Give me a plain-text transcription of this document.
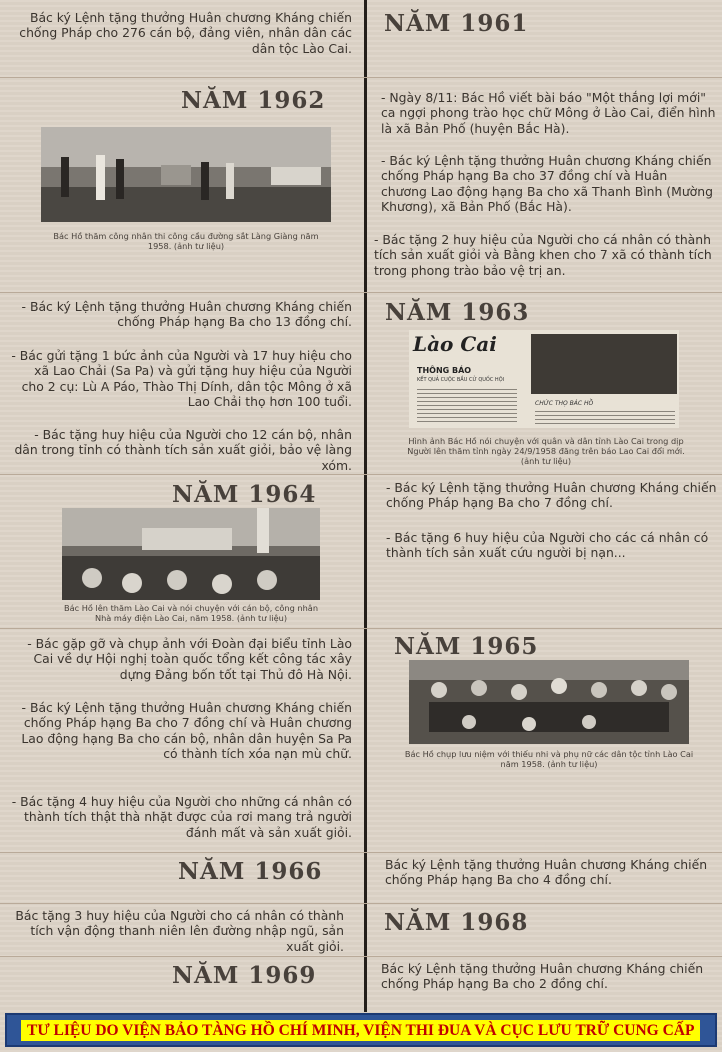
Bác ký Lệnh tặng thưởng Huân chương Kháng chiến chống Pháp cho 276 cán bộ, đảng viên, nhân dân các dân tộc Lào Cai.
NĂM 1961
NĂM 1962
Bác Hồ thăm công nhân thi công cầu đường sắt Làng Giàng năm 1958. (ảnh tư liệu)
- Ngày 8/11: Bác Hồ viết bài báo "Một thắng lợi mới" ca ngợi phong trào học chữ Mông ở Lào Cai, điển hình là xã Bản Phố (huyện Bắc Hà).
- Bác ký Lệnh tặng thưởng Huân chương Kháng chiến chống Pháp hạng Ba cho 37 đồng chí và Huân chương Lao động hạng Ba cho xã Thanh Bình (Mường Khương), xã Bản Phố (Bắc Hà).
- Bác tặng 2 huy hiệu của Người cho cá nhân có thành tích sản xuất giỏi và Bằng khen cho 7 xã có thành tích trong phong trào bảo vệ trị an.
- Bác ký Lệnh tặng thưởng Huân chương Kháng chiến chống Pháp hạng Ba cho 13 đồng chí.
- Bác gửi tặng 1 bức ảnh của Người và 17 huy hiệu cho xã Lao Chải (Sa Pa) và gửi tặng huy hiệu của Người cho 2 cụ: Lù A Páo, Thào Thị Dính, dân tộc Mông ở xã Lao Chải thọ hơn 100 tuổi.
- Bác tặng huy hiệu của Người cho 12 cán bộ, nhân dân trong tỉnh có thành tích sản xuất giỏi, bảo vệ làng xóm.
NĂM 1963
Lào Cai
THÔNG BÁO
KẾT QUẢ CUỘC BẦU CỬ QUỐC HỘI
CHỨC THỌ BÁC HỒ
Hình ảnh Bác Hồ nói chuyện với quân và dân tỉnh Lào Cai trong dịp Người lên thăm tỉnh ngày 24/9/1958 đăng trên báo Lao Cai đổi mới. (ảnh tư liệu)
NĂM 1964
Bác Hồ lên thăm Lào Cai và nói chuyện với cán bộ, công nhân Nhà máy điện Lào Cai, năm 1958. (ảnh tư liệu)
- Bác ký Lệnh tặng thưởng Huân chương Kháng chiến chống Pháp hạng Ba cho 7 đồng chí.
- Bác tặng 6 huy hiệu của Người cho các cá nhân có thành tích sản xuất cứu người bị nạn...
- Bác gặp gỡ và chụp ảnh với Đoàn đại biểu tỉnh Lào Cai về dự Hội nghị toàn quốc tổng kết công tác xây dựng Đảng bốn tốt tại Thủ đô Hà Nội.
- Bác ký Lệnh tặng thưởng Huân chương Kháng chiến chống Pháp hạng Ba cho 7 đồng chí và Huân chương Lao động hạng Ba cho cán bộ, nhân dân huyện Sa Pa có thành tích xóa nạn mù chữ.
- Bác tặng 4 huy hiệu của Người cho những cá nhân có thành tích thật thà nhặt được của rơi mang trả người đánh mất và sản xuất giỏi.
NĂM 1965
Bác Hồ chụp lưu niệm với thiếu nhi và phụ nữ các dân tộc tỉnh Lào Cai năm 1958. (ảnh tư liệu)
NĂM 1966	Bác ký Lệnh tặng thưởng Huân chương Kháng chiến chống Pháp hạng Ba cho 4 đồng chí.
Bác tặng 3 huy hiệu của Người cho cá nhân có thành tích vận động thanh niên lên đường nhập ngũ, sản xuất giỏi.
NĂM 1968
NĂM 1969	Bác ký Lệnh tặng thưởng Huân chương Kháng chiến chống Pháp hạng Ba cho 2 đồng chí.
TƯ LIỆU DO VIỆN BẢO TÀNG HỒ CHÍ MINH, VIỆN THI ĐUA VÀ CỤC LƯU TRỮ CUNG CẤP
